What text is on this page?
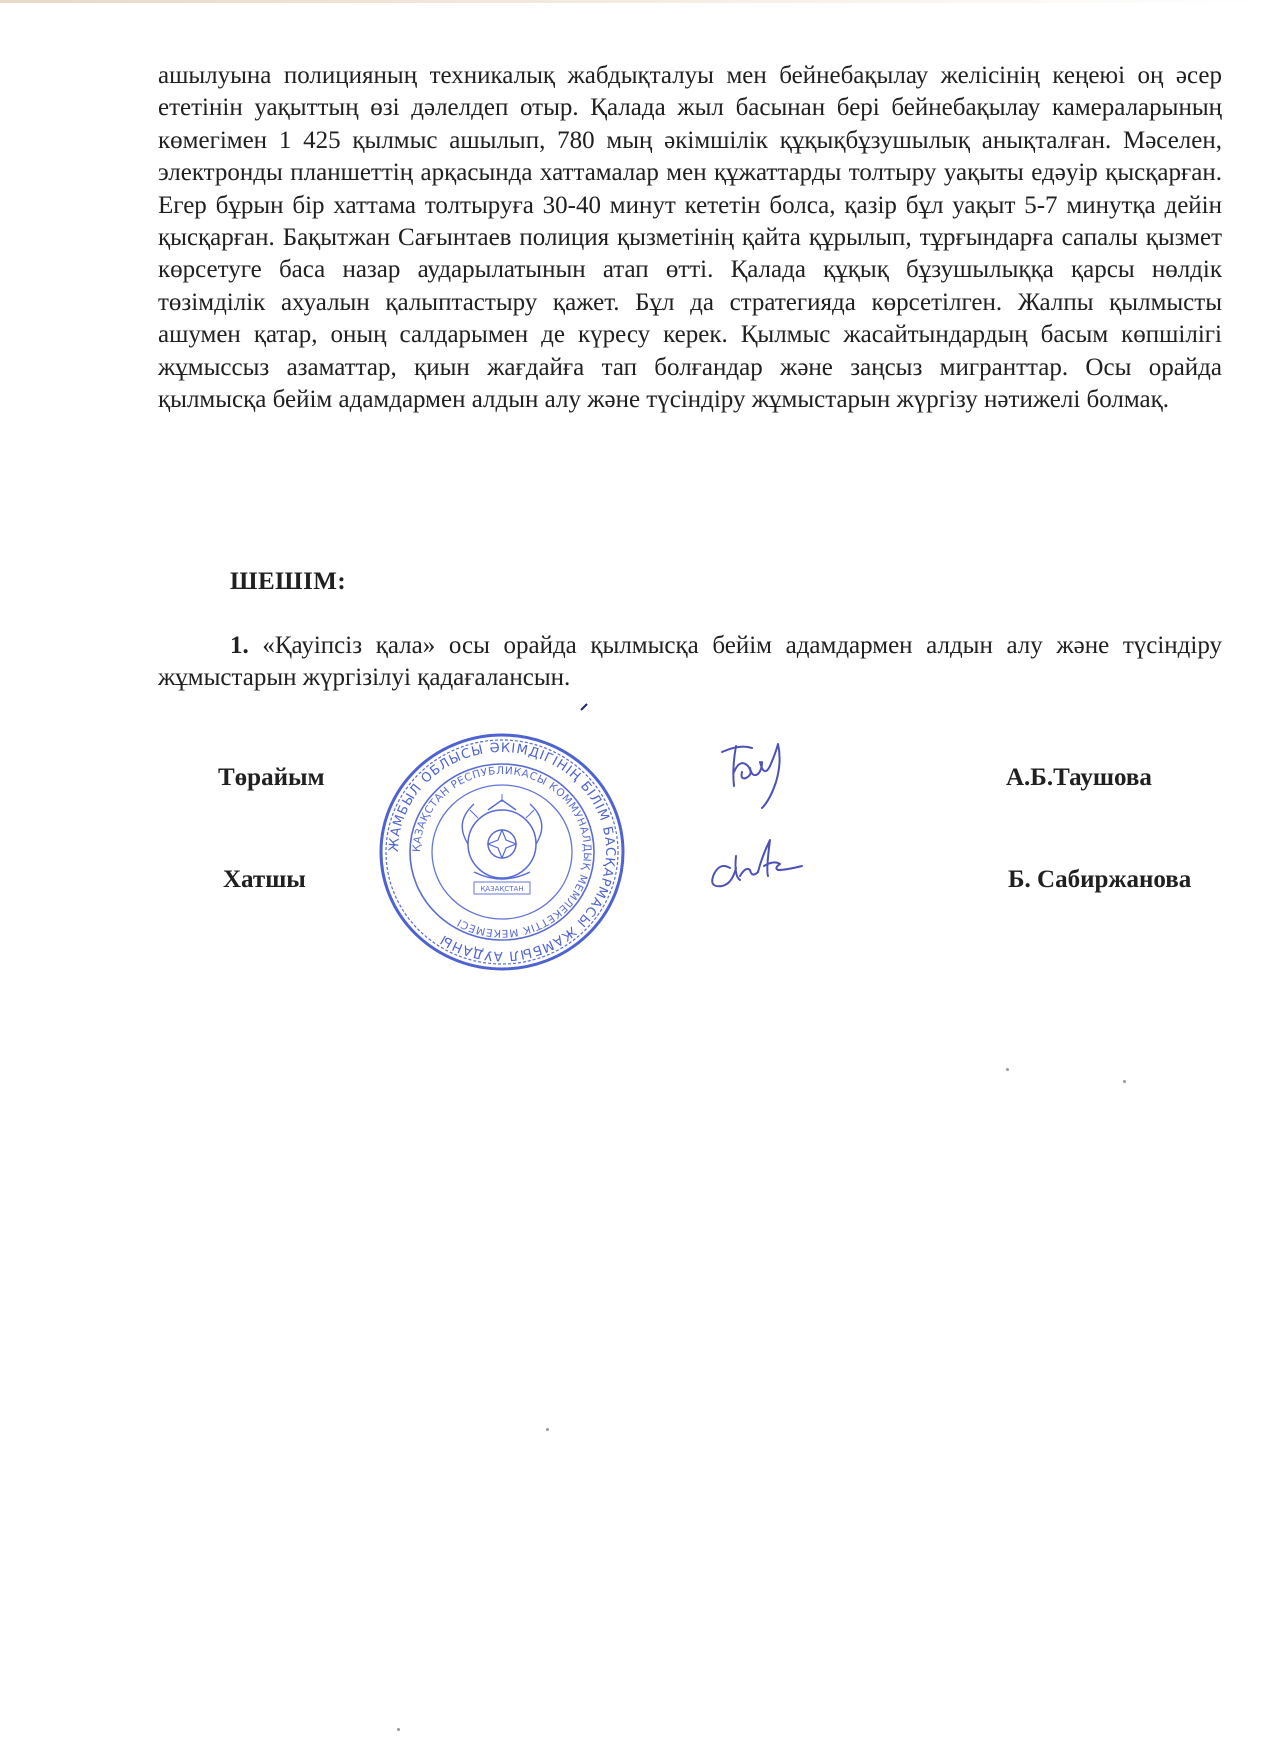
ашылуына полицияның техникалық жабдықталуы мен бейнебақылау желісінің кеңеюі оң әсер ететінін уақыттың өзі дәлелдеп отыр. Қалада жыл басынан бері бейнебақылау камераларының көмегімен 1 425 қылмыс ашылып, 780 мың әкімшілік құқықбұзушылық анықталған. Мәселен, электронды планшеттің арқасында хаттамалар мен құжаттарды толтыру уақыты едәуір қысқарған. Егер бұрын бір хаттама толтыруға 30-40 минут кететін болса, қазір бұл уақыт 5-7 минутқа дейін қысқарған. Бақытжан Сағынтаев полиция қызметінің қайта құрылып, тұрғындарға сапалы қызмет көрсетуге баса назар аударылатынын атап өтті. Қалада құқық бұзушылыққа қарсы нөлдік төзімділік ахуалын қалыптастыру қажет. Бұл да стратегияда көрсетілген. Жалпы қылмысты ашумен қатар, оның салдарымен де күресу керек. Қылмыс жасайтындардың басым көпшілігі жұмыссыз азаматтар, қиын жағдайға тап болғандар және заңсыз мигранттар. Осы орайда қылмысқа бейім адамдармен алдын алу және түсіндіру жұмыстарын жүргізу нәтижелі болмақ.
ШЕШІМ:
1. «Қауіпсіз қала» осы орайда қылмысқа бейім адамдармен алдын алу және түсіндіру жұмыстарын жүргізілуі қадағалансын.
Төрайым	А.Б.Таушова
Хатшы	Б. Сабиржанова
ЖАМБЫЛ ОБЛЫСЫ ӘКІМДІГІНІҢ БІЛІМ БАСҚАРМАСЫ ЖАМБЫЛ АУДАНЫ
ҚАЗАҚСТАН РЕСПУБЛИКАСЫ КОММУНАЛДЫҚ МЕМЛЕКЕТТІК МЕКЕМЕСІ
ҚАЗАҚСТАН
